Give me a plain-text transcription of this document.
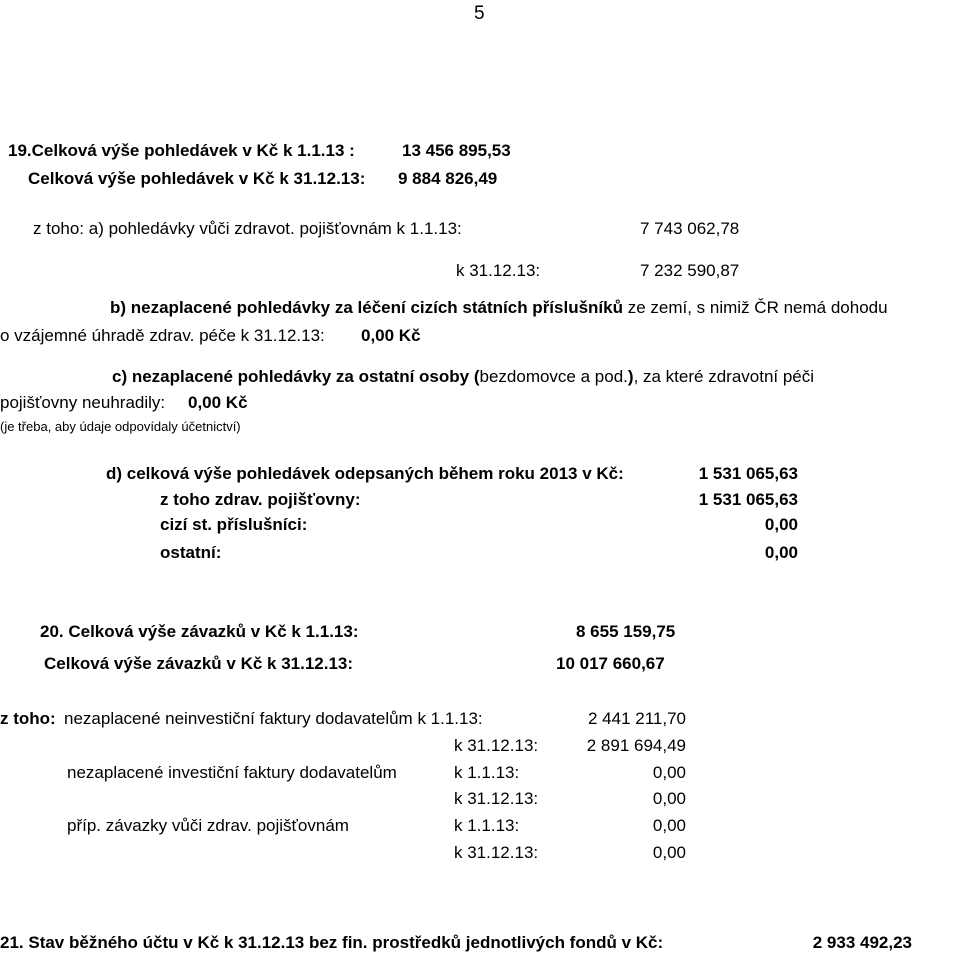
5
19.Celková výše pohledávek v Kč k 1.1.13 :	13 456 895,53
Celková výše pohledávek v Kč k 31.12.13: 9 884 826,49
z toho: a) pohledávky vůči zdravot. pojišťovnám k 1.1.13:	7 743 062,78
k 31.12.13:	7 232 590,87
b) nezaplacené pohledávky za léčení cizích státních příslušníků ze zemí, s nimiž ČR nemá dohodu
o vzájemné úhradě zdrav. péče k 31.12.13: 0,00 Kč
c) nezaplacené pohledávky za ostatní osoby (bezdomovce a pod.), za které zdravotní péči
pojišťovny neuhradily: 0,00 Kč
(je třeba, aby údaje odpovídaly účetnictví)
d) celková výše pohledávek odepsaných během roku 2013 v Kč:	1 531 065,63
z toho zdrav. pojišťovny:	1 531 065,63
cizí st. příslušníci:	0,00
ostatní:	0,00
20. Celková výše závazků v Kč k 1.1.13:	8 655 159,75
Celková výše závazků v Kč k 31.12.13:	10 017 660,67
z toho: nezaplacené neinvestiční faktury dodavatelům k 1.1.13:	2 441 211,70
k 31.12.13:	2 891 694,49
nezaplacené investiční faktury dodavatelům	k 1.1.13:	0,00
k 31.12.13:	0,00
příp. závazky vůči zdrav. pojišťovnám	k 1.1.13:	0,00
k 31.12.13:	0,00
21. Stav běžného účtu v Kč k 31.12.13 bez fin. prostředků jednotlivých fondů v Kč:	2 933 492,23
